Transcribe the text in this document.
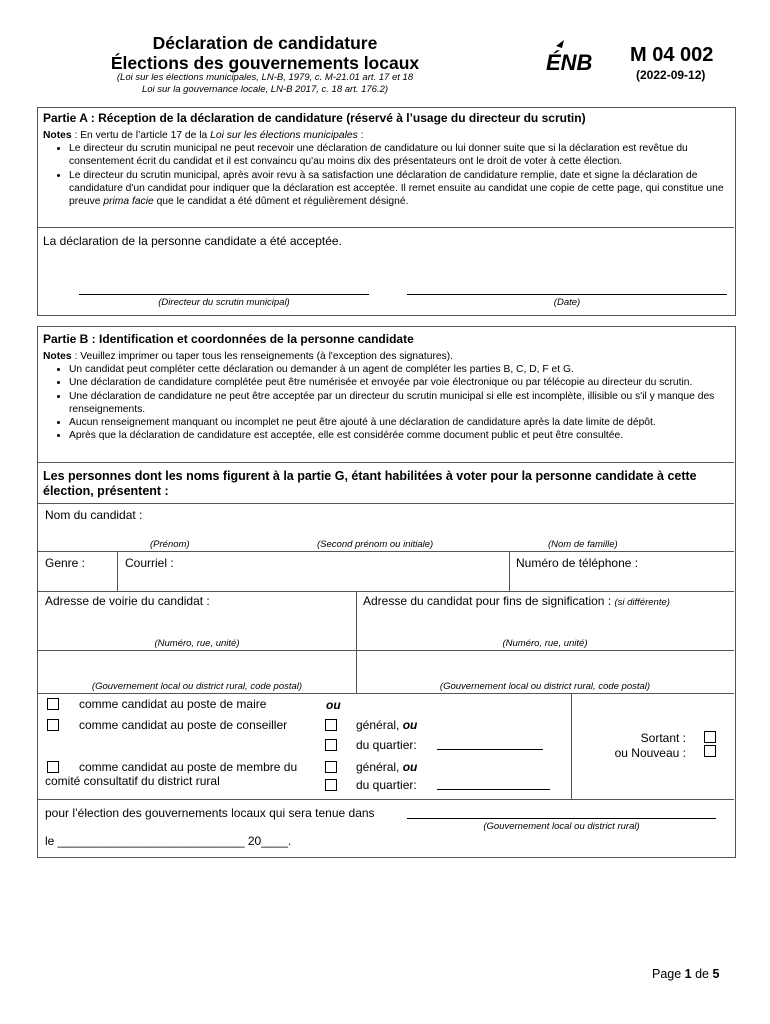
Déclaration de candidature
Élections des gouvernements locaux
(Loi sur les élections municipales, LN-B, 1979, c. M-21.01 art. 17 et 18
Loi sur la gouvernance locale, LN-B 2017, c. 18 art. 176.2)
ÉNB M 04 002
(2022-09-12)
Partie A : Réception de la déclaration de candidature (réservé à l’usage du directeur du scrutin)
Notes : En vertu de l’article 17 de la Loi sur les élections municipales :
• Le directeur du scrutin municipal ne peut recevoir une déclaration de candidature ou lui donner suite que si la déclaration est revêtue du consentement écrit du candidat et il est convaincu qu'au moins dix des présentateurs ont le droit de voter à cette élection.
• Le directeur du scrutin municipal, après avoir revu à sa satisfaction une déclaration de candidature remplie, date et signe la déclaration de candidature d'un candidat pour indiquer que la déclaration est acceptée. Il remet ensuite au candidat une copie de cette page, qui constitue une preuve prima facie que le candidat a été dûment et régulièrement désigné.
La déclaration de la personne candidate a été acceptée.
(Directeur du scrutin municipal)	(Date)
Partie B : Identification et coordonnées de la personne candidate
Notes : Veuillez imprimer ou taper tous les renseignements (à l'exception des signatures).
• Un candidat peut compléter cette déclaration ou demander à un agent de compléter les parties B, C, D, F et G.
• Une déclaration de candidature complétée peut être numérisée et envoyée par voie électronique ou par télécopie au directeur du scrutin.
• Une déclaration de candidature ne peut être acceptée par un directeur du scrutin municipal si elle est incomplète, illisible ou s'il y manque des renseignements.
• Aucun renseignement manquant ou incomplet ne peut être ajouté à une déclaration de candidature après la date limite de dépôt.
• Après que la déclaration de candidature est acceptée, elle est considérée comme document public et peut être consultée.
Les personnes dont les noms figurent à la partie G, étant habilitées à voter pour la personne candidate à cette
élection, présentent :
Nom du candidat :
(Prénom)	(Second prénom ou initiale)	(Nom de famille)
Genre :	Courriel :	Numéro de téléphone :
Adresse de voirie du candidat :	Adresse du candidat pour fins de signification : (si différente)
(Numéro, rue, unité)	(Numéro, rue, unité)
(Gouvernement local ou district rural, code postal)	(Gouvernement local ou district rural, code postal)
comme candidat au poste de maire	ou
comme candidat au poste de conseiller	général, ou
du quartier:	Sortant :
ou Nouveau :
comme candidat au poste de membre du
comité consultatif du district rural
général, ou
du quartier:
pour l’élection des gouvernements locaux qui sera tenue dans
(Gouvernement local ou district rural)
le ____________________________ 20____.
Page 1 de 5
